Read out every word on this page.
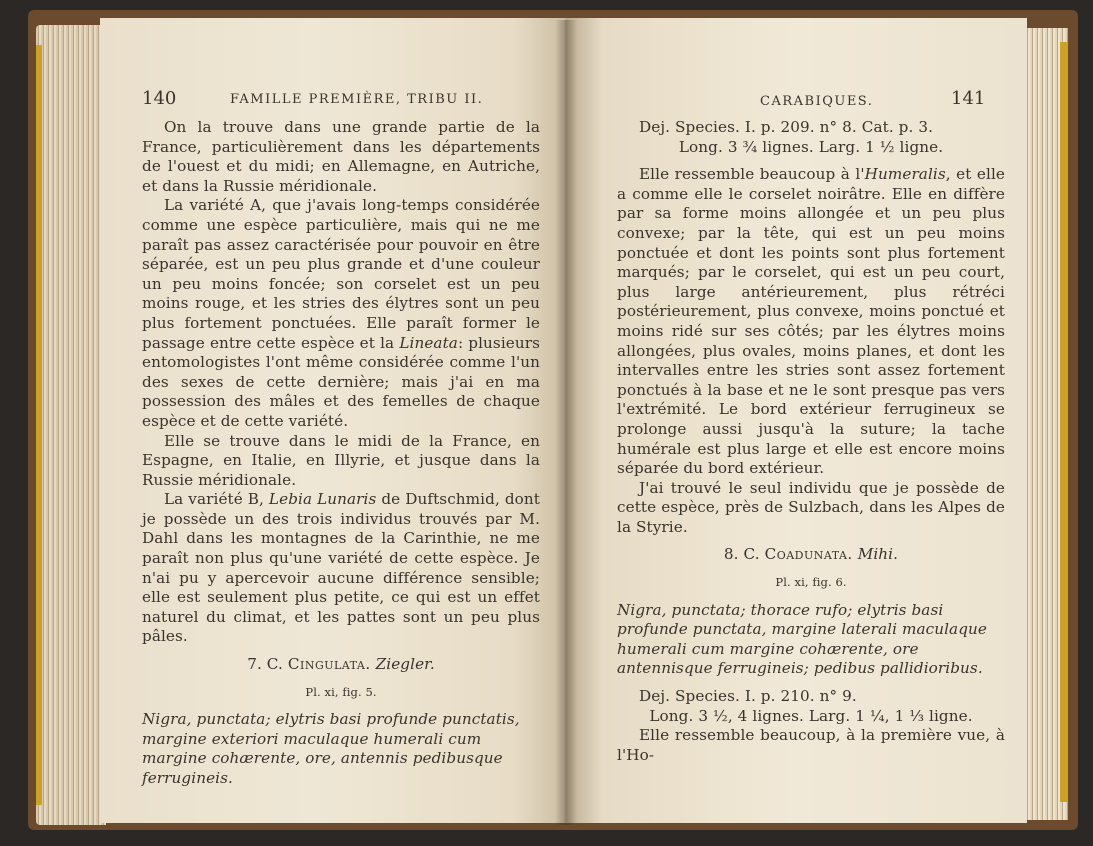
140	FAMILLE PREMIÈRE, TRIBU II.

On la trouve dans une grande partie de la France, particulièrement dans les départements de l'ouest et du midi; en Allemagne, en Autriche, et dans la Russie méridionale.

La variété A, que j'avais long-temps considérée comme une espèce particulière, mais qui ne me paraît pas assez caractérisée pour pouvoir en être séparée, est un peu plus grande et d'une couleur un peu moins foncée; son corselet est un peu moins rouge, et les stries des élytres sont un peu plus fortement ponctuées. Elle paraît former le passage entre cette espèce et la Lineata: plusieurs entomologistes l'ont même considérée comme l'un des sexes de cette dernière; mais j'ai en ma possession des mâles et des femelles de chaque espèce et de cette variété.

Elle se trouve dans le midi de la France, en Espagne, en Italie, en Illyrie, et jusque dans la Russie méridionale.

La variété B, Lebia Lunaris de Duftschmid, dont je possède un des trois individus trouvés par M. Dahl dans les montagnes de la Carinthie, ne me paraît non plus qu'une variété de cette espèce. Je n'ai pu y apercevoir aucune différence sensible; elle est seulement plus petite, ce qui est un effet naturel du climat, et les pattes sont un peu plus pâles.

7. C. Cingulata. Ziegler.

Pl. xi, fig. 5.

Nigra, punctata; elytris basi profunde punctatis, margine exteriori maculaque humerali cum margine cohærente, ore, antennis pedibusque ferrugineis.

CARABIQUES.	141

Dej. Species. I. p. 209. n° 8. Cat. p. 3.

Long. 3 ¾ lignes. Larg. 1 ½ ligne.

Elle ressemble beaucoup à l'Humeralis, et elle a comme elle le corselet noirâtre. Elle en diffère par sa forme moins allongée et un peu plus convexe; par la tête, qui est un peu moins ponctuée et dont les points sont plus fortement marqués; par le corselet, qui est un peu court, plus large antérieurement, plus rétréci postérieurement, plus convexe, moins ponctué et moins ridé sur ses côtés; par les élytres moins allongées, plus ovales, moins planes, et dont les intervalles entre les stries sont assez fortement ponctués à la base et ne le sont presque pas vers l'extrémité. Le bord extérieur ferrugineux se prolonge aussi jusqu'à la suture; la tache humérale est plus large et elle est encore moins séparée du bord extérieur.

J'ai trouvé le seul individu que je possède de cette espèce, près de Sulzbach, dans les Alpes de la Styrie.

8. C. Coadunata. Mihi.

Pl. xi, fig. 6.

Nigra, punctata; thorace rufo; elytris basi profunde punctata, margine laterali maculaque humerali cum margine cohærente, ore antennisque ferrugineis; pedibus pallidioribus.

Dej. Species. I. p. 210. n° 9.

Long. 3 ½, 4 lignes. Larg. 1 ¼, 1 ⅓ ligne.

Elle ressemble beaucoup, à la première vue, à l'Ho-
